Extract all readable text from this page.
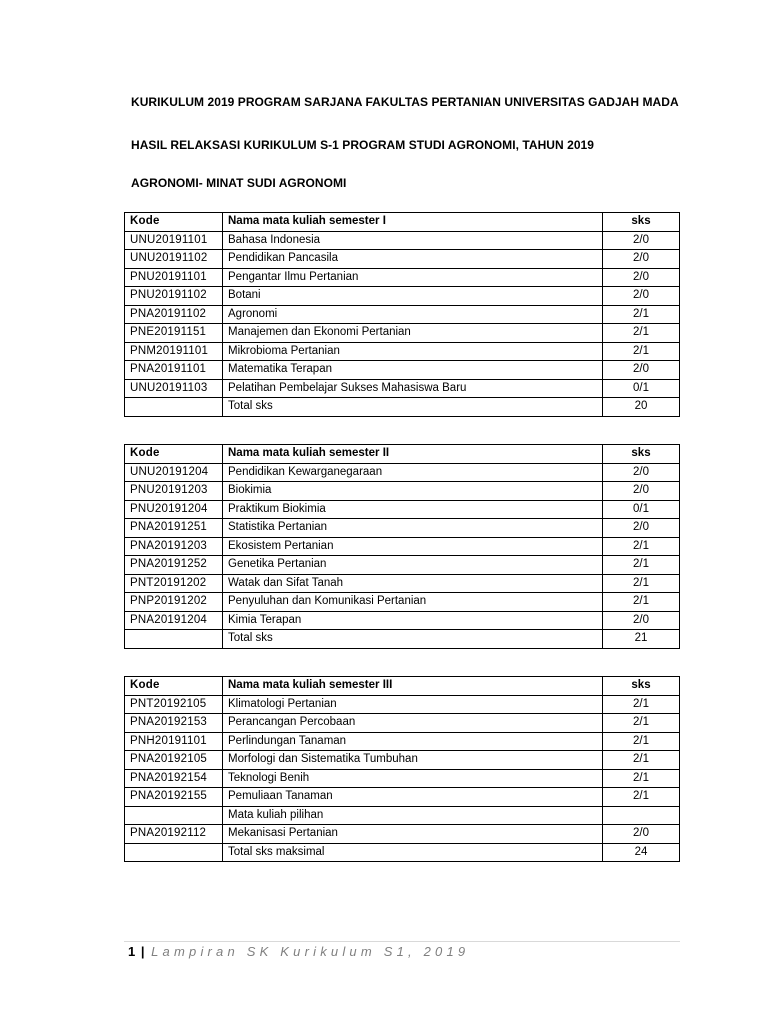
KURIKULUM 2019 PROGRAM SARJANA FAKULTAS PERTANIAN UNIVERSITAS GADJAH MADA
HASIL RELAKSASI KURIKULUM S-1 PROGRAM STUDI AGRONOMI, TAHUN 2019
AGRONOMI- MINAT SUDI AGRONOMI
Kode	Nama mata kuliah semester I	sks
UNU20191101	Bahasa Indonesia	2/0
UNU20191102	Pendidikan Pancasila	2/0
PNU20191101	Pengantar Ilmu Pertanian	2/0
PNU20191102	Botani	2/0
PNA20191102	Agronomi	2/1
PNE20191151	Manajemen dan Ekonomi Pertanian	2/1
PNM20191101	Mikrobioma Pertanian	2/1
PNA20191101	Matematika Terapan	2/0
UNU20191103	Pelatihan Pembelajar Sukses Mahasiswa Baru	0/1
	Total sks	20
Kode	Nama mata kuliah semester II	sks
UNU20191204	Pendidikan Kewarganegaraan	2/0
PNU20191203	Biokimia	2/0
PNU20191204	Praktikum Biokimia	0/1
PNA20191251	Statistika Pertanian	2/0
PNA20191203	Ekosistem Pertanian	2/1
PNA20191252	Genetika Pertanian	2/1
PNT20191202	Watak dan Sifat Tanah	2/1
PNP20191202	Penyuluhan dan Komunikasi Pertanian	2/1
PNA20191204	Kimia Terapan	2/0
	Total sks	21
Kode	Nama mata kuliah semester III	sks
PNT20192105	Klimatologi Pertanian	2/1
PNA20192153	Perancangan Percobaan	2/1
PNH20191101	Perlindungan Tanaman	2/1
PNA20192105	Morfologi dan Sistematika Tumbuhan	2/1
PNA20192154	Teknologi Benih	2/1
PNA20192155	Pemuliaan Tanaman	2/1
	Mata kuliah pilihan	
PNA20192112	Mekanisasi Pertanian	2/0
	Total sks maksimal	24
1 | Lampiran SK Kurikulum S1, 2019
